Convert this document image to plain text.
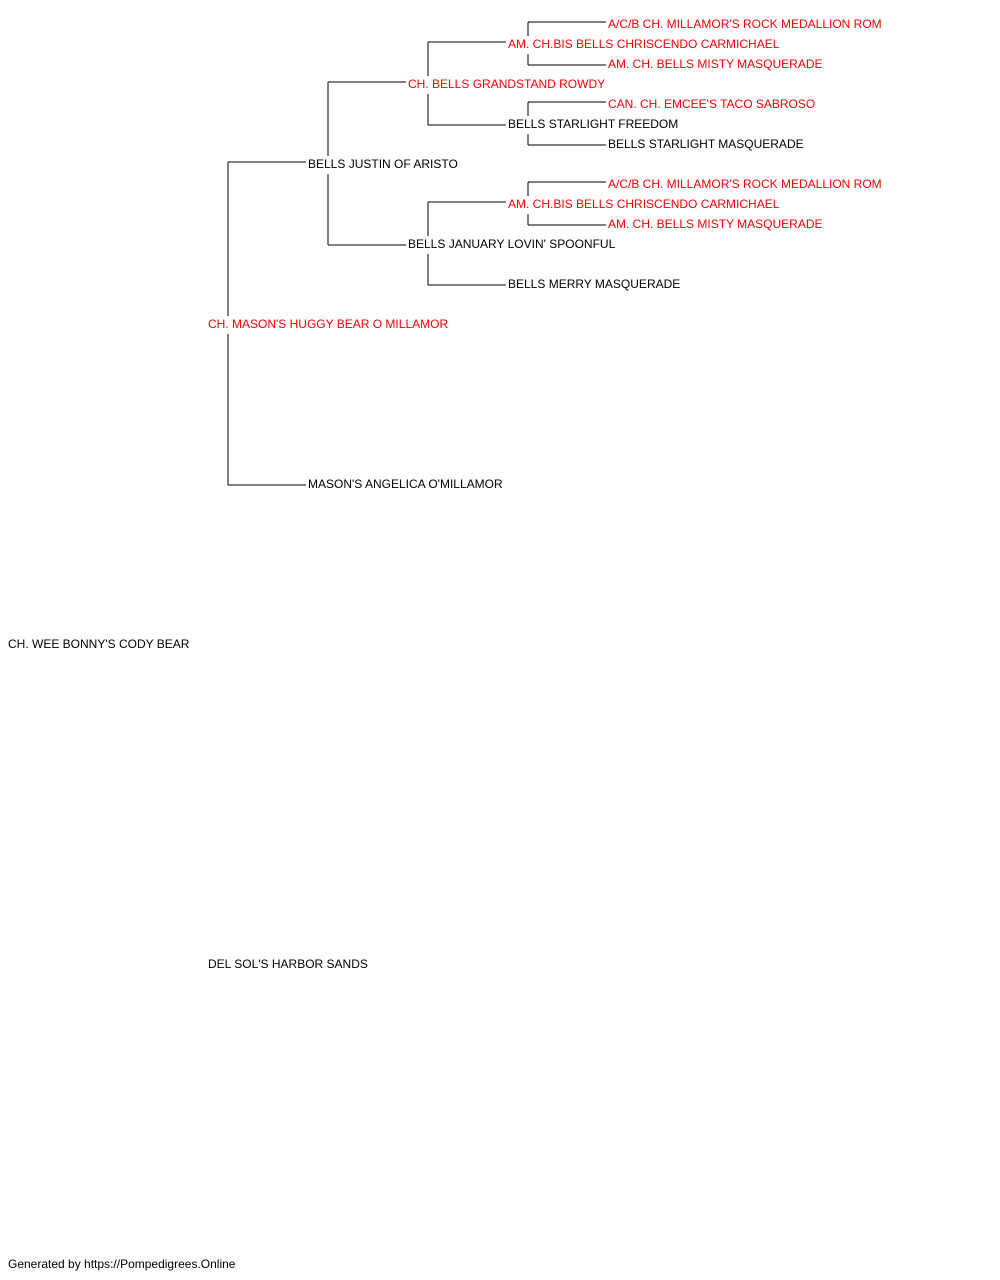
CH. WEE BONNY'S CODY BEAR
CH. MASON'S HUGGY BEAR O MILLAMOR
DEL SOL'S HARBOR SANDS
BELLS JUSTIN OF ARISTO
MASON'S ANGELICA O'MILLAMOR
CH. BELLS GRANDSTAND ROWDY
BELLS JANUARY LOVIN' SPOONFUL
AM. CH.BIS BELLS CHRISCENDO CARMICHAEL
BELLS STARLIGHT FREEDOM
AM. CH.BIS BELLS CHRISCENDO CARMICHAEL
BELLS MERRY MASQUERADE
A/C/B CH. MILLAMOR'S ROCK MEDALLION ROM
AM. CH. BELLS MISTY MASQUERADE
CAN. CH. EMCEE'S TACO SABROSO
BELLS STARLIGHT MASQUERADE
A/C/B CH. MILLAMOR'S ROCK MEDALLION ROM
AM. CH. BELLS MISTY MASQUERADE
Generated by https://Pompedigrees.Online
